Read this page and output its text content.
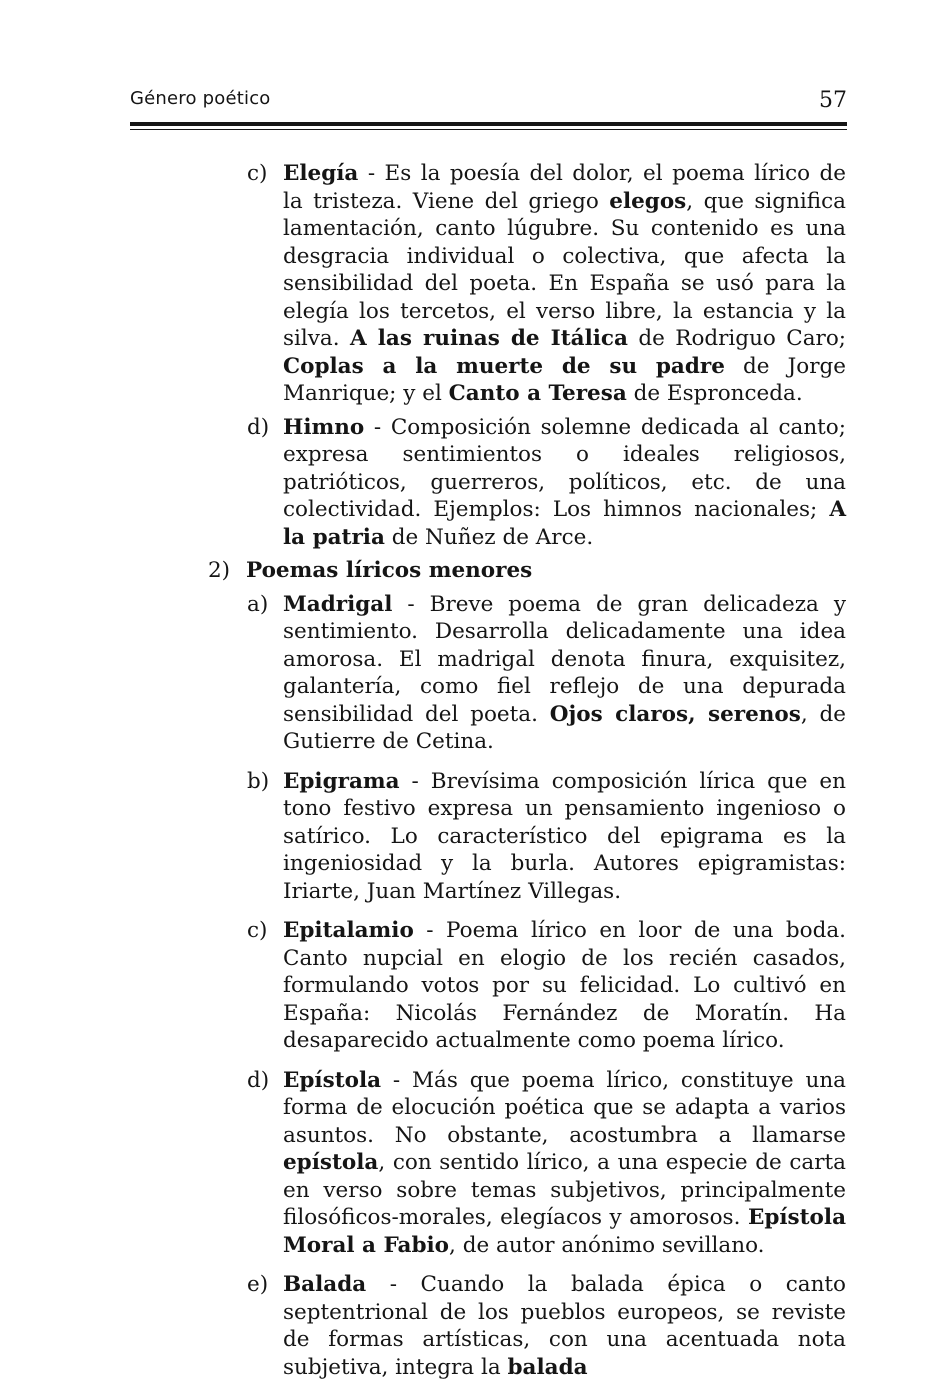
Género poético	57
c) Elegía - Es la poesía del dolor, el poema lírico de la tristeza. Viene del griego elegos, que significa lamentación, canto lúgubre. Su contenido es una desgracia individual o colectiva, que afecta la sensibilidad del poeta. En España se usó para la elegía los tercetos, el verso libre, la estancia y la silva. A las ruinas de Itálica de Rodriguo Caro; Coplas a la muerte de su padre de Jorge Manrique; y el Canto a Teresa de Espronceda.
d) Himno - Composición solemne dedicada al canto; expresa sentimientos o ideales religiosos, patrióticos, guerreros, políticos, etc. de una colectividad. Ejemplos: Los himnos nacionales; A la patria de Nuñez de Arce.
2) Poemas líricos menores
a) Madrigal - Breve poema de gran delicadeza y sentimiento. Desarrolla delicadamente una idea amorosa. El madrigal denota finura, exquisitez, galantería, como fiel reflejo de una depurada sensibilidad del poeta. Ojos claros, serenos, de Gutierre de Cetina.
b) Epigrama - Brevísima composición lírica que en tono festivo expresa un pensamiento ingenioso o satírico. Lo característico del epigrama es la ingeniosidad y la burla. Autores epigramistas: Iriarte, Juan Martínez Villegas.
c) Epitalamio - Poema lírico en loor de una boda. Canto nupcial en elogio de los recién casados, formulando votos por su felicidad. Lo cultivó en España: Nicolás Fernández de Moratín. Ha desaparecido actualmente como poema lírico.
d) Epístola - Más que poema lírico, constituye una forma de elocución poética que se adapta a varios asuntos. No obstante, acostumbra a llamarse epístola, con sentido lírico, a una especie de carta en verso sobre temas subjetivos, principalmente filosóficos-morales, elegíacos y amorosos. Epístola Moral a Fabio, de autor anónimo sevillano.
e) Balada - Cuando la balada épica o canto septentrional de los pueblos europeos, se reviste de formas artísticas, con una acentuada nota subjetiva, integra la balada
